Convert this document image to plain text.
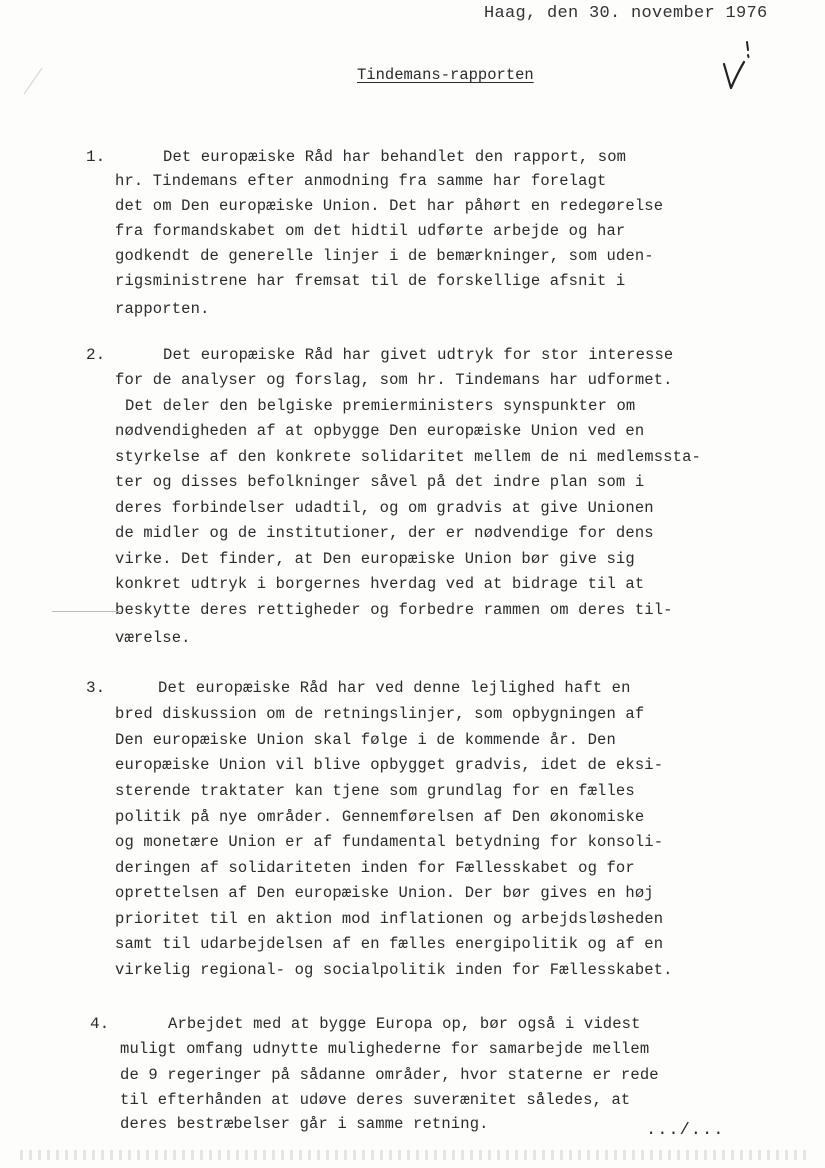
Haag, den 30. november 1976
Tindemans-rapporten
1.	Det europæiske Råd har behandlet den rapport, som
hr. Tindemans efter anmodning fra samme har forelagt
det om Den europæiske Union. Det har påhørt en redegørelse
fra formandskabet om det hidtil udførte arbejde og har
godkendt de generelle linjer i de bemærkninger, som uden-
rigsministrene har fremsat til de forskellige afsnit i
rapporten.
2.	Det europæiske Råd har givet udtryk for stor interesse
for de analyser og forslag, som hr. Tindemans har udformet.
Det deler den belgiske premierministers synspunkter om
nødvendigheden af at opbygge Den europæiske Union ved en
styrkelse af den konkrete solidaritet mellem de ni medlemssta-
ter og disses befolkninger såvel på det indre plan som i
deres forbindelser udadtil, og om gradvis at give Unionen
de midler og de institutioner, der er nødvendige for dens
virke. Det finder, at Den europæiske Union bør give sig
konkret udtryk i borgernes hverdag ved at bidrage til at
beskytte deres rettigheder og forbedre rammen om deres til-
værelse.
3.	Det europæiske Råd har ved denne lejlighed haft en
bred diskussion om de retningslinjer, som opbygningen af
Den europæiske Union skal følge i de kommende år. Den
europæiske Union vil blive opbygget gradvis, idet de eksi-
sterende traktater kan tjene som grundlag for en fælles
politik på nye områder. Gennemførelsen af Den økonomiske
og monetære Union er af fundamental betydning for konsoli-
deringen af solidariteten inden for Fællesskabet og for
oprettelsen af Den europæiske Union. Der bør gives en høj
prioritet til en aktion mod inflationen og arbejdsløsheden
samt til udarbejdelsen af en fælles energipolitik og af en
virkelig regional- og socialpolitik inden for Fællesskabet.
4.	Arbejdet med at bygge Europa op, bør også i videst
muligt omfang udnytte mulighederne for samarbejde mellem
de 9 regeringer på sådanne områder, hvor staterne er rede
til efterhånden at udøve deres suverænitet således, at
deres bestræbelser går i samme retning.	.../...
